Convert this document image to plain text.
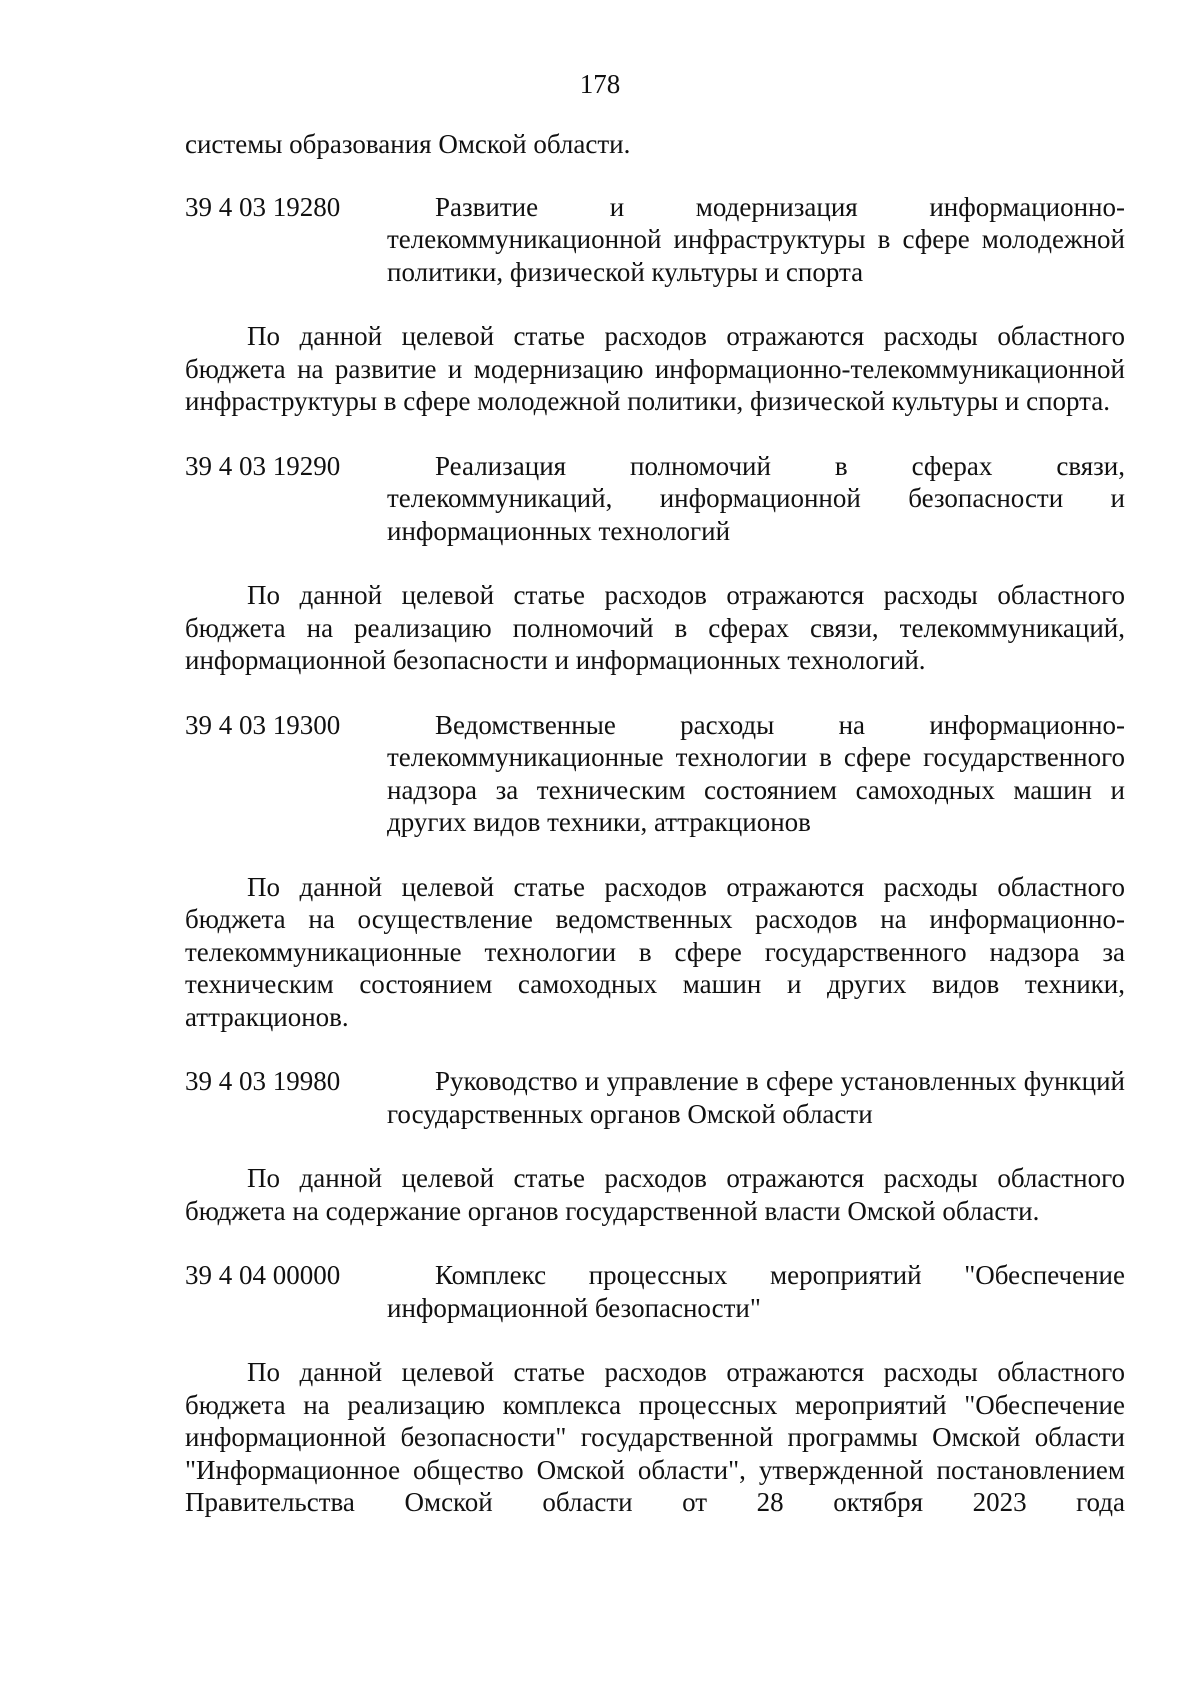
178

системы образования Омской области.

39 4 03 19280	Развитие и модернизация информационно-телекоммуникационной инфраструктуры в сфере молодежной политики, физической культуры и спорта

По данной целевой статье расходов отражаются расходы областного бюджета на развитие и модернизацию информационно-телекоммуникационной инфраструктуры в сфере молодежной политики, физической культуры и спорта.

39 4 03 19290	Реализация полномочий в сферах связи, телекоммуникаций, информационной безопасности и информационных технологий

По данной целевой статье расходов отражаются расходы областного бюджета на реализацию полномочий в сферах связи, телекоммуникаций, информационной безопасности и информационных технологий.

39 4 03 19300	Ведомственные расходы на информационно-телекоммуникационные технологии в сфере государственного надзора за техническим состоянием самоходных машин и других видов техники, аттракционов

По данной целевой статье расходов отражаются расходы областного бюджета на осуществление ведомственных расходов на информационно-телекоммуникационные технологии в сфере государственного надзора за техническим состоянием самоходных машин и других видов техники, аттракционов.

39 4 03 19980	Руководство и управление в сфере установленных функций государственных органов Омской области

По данной целевой статье расходов отражаются расходы областного бюджета на содержание органов государственной власти Омской области.

39 4 04 00000	Комплекс процессных мероприятий "Обеспечение информационной безопасности"

По данной целевой статье расходов отражаются расходы областного бюджета на реализацию комплекса процессных мероприятий "Обеспечение информационной безопасности" государственной программы Омской области "Информационное общество Омской области", утвержденной постановлением Правительства Омской области от 28 октября 2023 года
